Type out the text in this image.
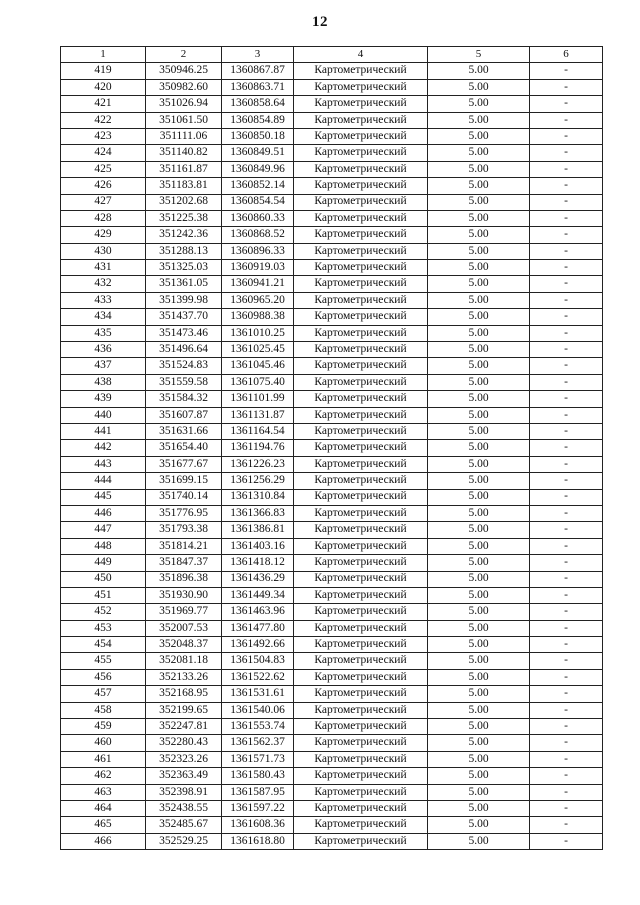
12
1	2	3	4	5	6
419	350946.25	1360867.87	Картометрический	5.00	-
420	350982.60	1360863.71	Картометрический	5.00	-
421	351026.94	1360858.64	Картометрический	5.00	-
422	351061.50	1360854.89	Картометрический	5.00	-
423	351111.06	1360850.18	Картометрический	5.00	-
424	351140.82	1360849.51	Картометрический	5.00	-
425	351161.87	1360849.96	Картометрический	5.00	-
426	351183.81	1360852.14	Картометрический	5.00	-
427	351202.68	1360854.54	Картометрический	5.00	-
428	351225.38	1360860.33	Картометрический	5.00	-
429	351242.36	1360868.52	Картометрический	5.00	-
430	351288.13	1360896.33	Картометрический	5.00	-
431	351325.03	1360919.03	Картометрический	5.00	-
432	351361.05	1360941.21	Картометрический	5.00	-
433	351399.98	1360965.20	Картометрический	5.00	-
434	351437.70	1360988.38	Картометрический	5.00	-
435	351473.46	1361010.25	Картометрический	5.00	-
436	351496.64	1361025.45	Картометрический	5.00	-
437	351524.83	1361045.46	Картометрический	5.00	-
438	351559.58	1361075.40	Картометрический	5.00	-
439	351584.32	1361101.99	Картометрический	5.00	-
440	351607.87	1361131.87	Картометрический	5.00	-
441	351631.66	1361164.54	Картометрический	5.00	-
442	351654.40	1361194.76	Картометрический	5.00	-
443	351677.67	1361226.23	Картометрический	5.00	-
444	351699.15	1361256.29	Картометрический	5.00	-
445	351740.14	1361310.84	Картометрический	5.00	-
446	351776.95	1361366.83	Картометрический	5.00	-
447	351793.38	1361386.81	Картометрический	5.00	-
448	351814.21	1361403.16	Картометрический	5.00	-
449	351847.37	1361418.12	Картометрический	5.00	-
450	351896.38	1361436.29	Картометрический	5.00	-
451	351930.90	1361449.34	Картометрический	5.00	-
452	351969.77	1361463.96	Картометрический	5.00	-
453	352007.53	1361477.80	Картометрический	5.00	-
454	352048.37	1361492.66	Картометрический	5.00	-
455	352081.18	1361504.83	Картометрический	5.00	-
456	352133.26	1361522.62	Картометрический	5.00	-
457	352168.95	1361531.61	Картометрический	5.00	-
458	352199.65	1361540.06	Картометрический	5.00	-
459	352247.81	1361553.74	Картометрический	5.00	-
460	352280.43	1361562.37	Картометрический	5.00	-
461	352323.26	1361571.73	Картометрический	5.00	-
462	352363.49	1361580.43	Картометрический	5.00	-
463	352398.91	1361587.95	Картометрический	5.00	-
464	352438.55	1361597.22	Картометрический	5.00	-
465	352485.67	1361608.36	Картометрический	5.00	-
466	352529.25	1361618.80	Картометрический	5.00	-
